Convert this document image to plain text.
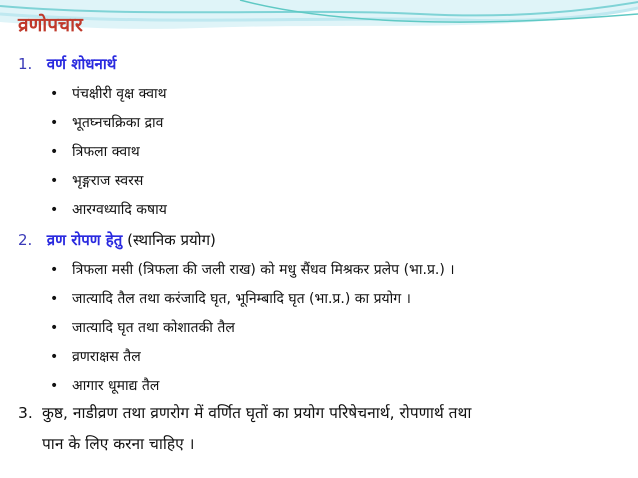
व्रणोपचार
1. वर्ण शोधनार्थ
• पंचक्षीरी वृक्ष क्वाथ
• भूतघ्नचक्रिका द्राव
• त्रिफला क्वाथ
• भृङ्गराज स्वरस
• आरग्वध्यादि कषाय
2. व्रण रोपण हेतु (स्थानिक प्रयोग)
• त्रिफला मसी (त्रिफला की जली राख) को मधु सैंधव मिश्रकर प्रलेप (भा.प्र.) ।
• जात्यादि तैल तथा करंजादि घृत, भूनिम्बादि घृत (भा.प्र.) का प्रयोग ।
• जात्यादि घृत तथा कोशातकी तैल
• व्रणराक्षस तैल
• आगार धूमाद्य तैल
3. कुष्ठ, नाडीव्रण तथा व्रणरोग में वर्णित घृतों का प्रयोग परिषेचनार्थ, रोपणार्थ तथा
पान के लिए करना चाहिए ।
